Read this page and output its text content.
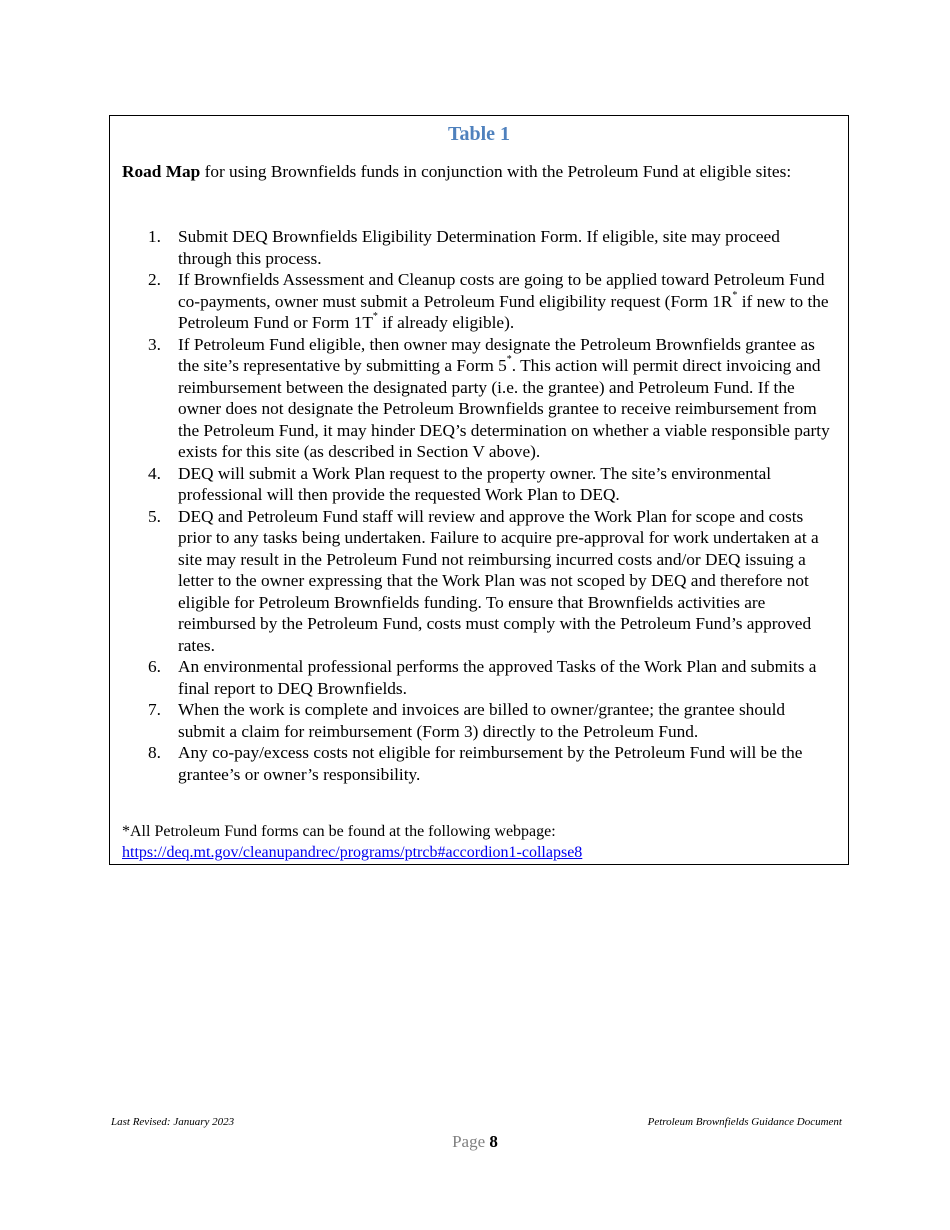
Table 1

Road Map for using Brownfields funds in conjunction with the Petroleum Fund at eligible sites:

1. Submit DEQ Brownfields Eligibility Determination Form. If eligible, site may proceed through this process.
2. If Brownfields Assessment and Cleanup costs are going to be applied toward Petroleum Fund co-payments, owner must submit a Petroleum Fund eligibility request (Form 1R* if new to the Petroleum Fund or Form 1T* if already eligible).
3. If Petroleum Fund eligible, then owner may designate the Petroleum Brownfields grantee as the site’s representative by submitting a Form 5*. This action will permit direct invoicing and reimbursement between the designated party (i.e. the grantee) and Petroleum Fund. If the owner does not designate the Petroleum Brownfields grantee to receive reimbursement from the Petroleum Fund, it may hinder DEQ’s determination on whether a viable responsible party exists for this site (as described in Section V above).
4. DEQ will submit a Work Plan request to the property owner. The site’s environmental professional will then provide the requested Work Plan to DEQ.
5. DEQ and Petroleum Fund staff will review and approve the Work Plan for scope and costs prior to any tasks being undertaken. Failure to acquire pre-approval for work undertaken at a site may result in the Petroleum Fund not reimbursing incurred costs and/or DEQ issuing a letter to the owner expressing that the Work Plan was not scoped by DEQ and therefore not eligible for Petroleum Brownfields funding. To ensure that Brownfields activities are reimbursed by the Petroleum Fund, costs must comply with the Petroleum Fund’s approved rates.
6. An environmental professional performs the approved Tasks of the Work Plan and submits a final report to DEQ Brownfields.
7. When the work is complete and invoices are billed to owner/grantee; the grantee should submit a claim for reimbursement (Form 3) directly to the Petroleum Fund.
8. Any co-pay/excess costs not eligible for reimbursement by the Petroleum Fund will be the grantee’s or owner’s responsibility.

*All Petroleum Fund forms can be found at the following webpage:
https://deq.mt.gov/cleanupandrec/programs/ptrcb#accordion1-collapse8

Last Revised: January 2023	Petroleum Brownfields Guidance Document
Page 8
